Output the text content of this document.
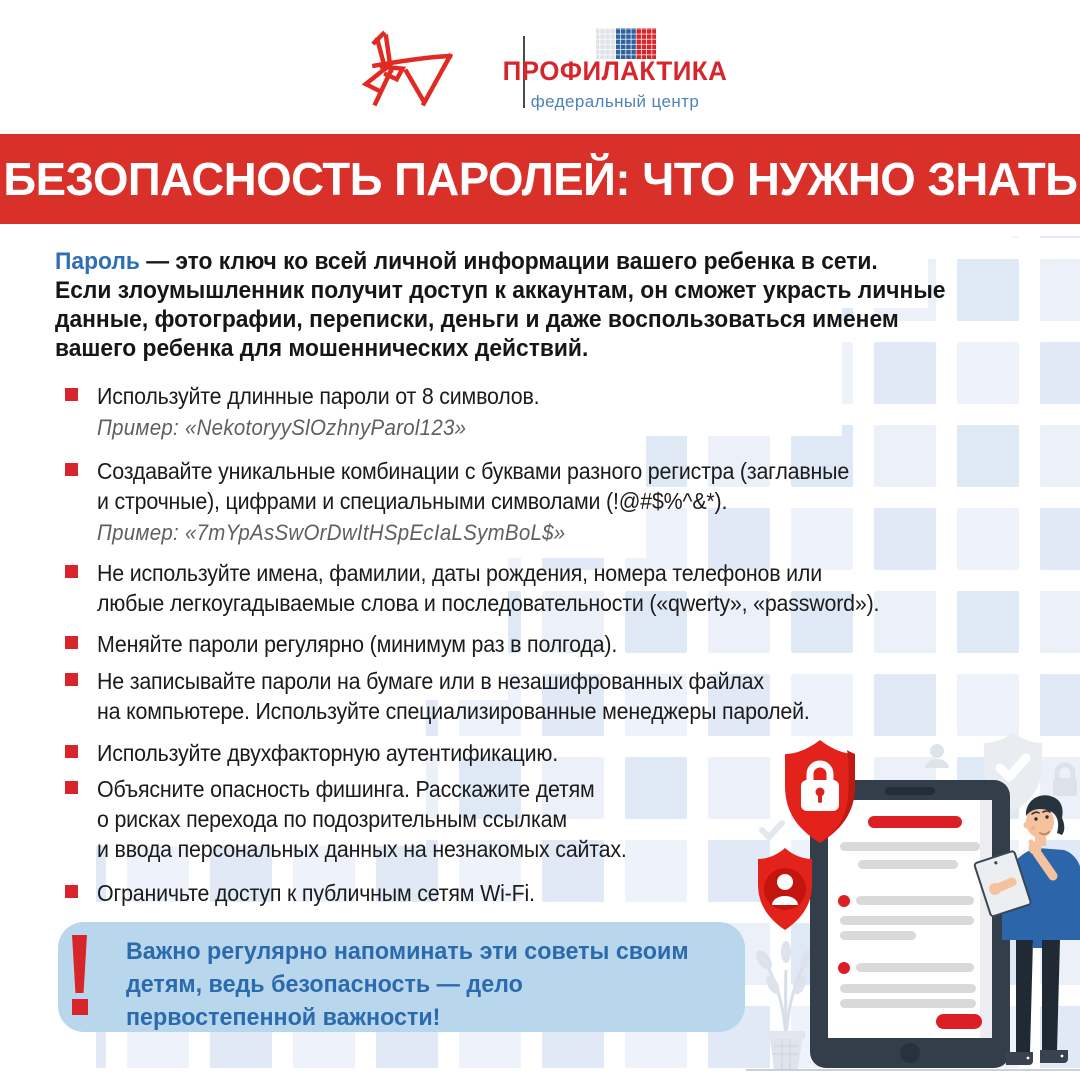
ПРОФИЛАКТИКА
федеральный центр
БЕЗОПАСНОСТЬ ПАРОЛЕЙ: ЧТО НУЖНО ЗНАТЬ
Пароль — это ключ ко всей личной информации вашего ребенка в сети.
Если злоумышленник получит доступ к аккаунтам, он сможет украсть личные
данные, фотографии, переписки, деньги и даже воспользоваться именем
вашего ребенка для мошеннических действий.
Используйте длинные пароли от 8 символов.
Пример: «NekotoryySlOzhnyParol123»
Создавайте уникальные комбинации с буквами разного регистра (заглавные
и строчные), цифрами и специальными символами (!@#$%^&*).
Пример: «7mYpAsSwOrDwItHSpEcIaLSymBoL$»
Не используйте имена, фамилии, даты рождения, номера телефонов или
любые легкоугадываемые слова и последовательности («qwerty», «password»).
Меняйте пароли регулярно (минимум раз в полгода).
Не записывайте пароли на бумаге или в незашифрованных файлах
на компьютере. Используйте специализированные менеджеры паролей.
Используйте двухфакторную аутентификацию.
Объясните опасность фишинга. Расскажите детям
о рисках перехода по подозрительным ссылкам
и ввода персональных данных на незнакомых сайтах.
Ограничьте доступ к публичным сетям Wi-Fi.
Важно регулярно напоминать эти советы своим
детям, ведь безопасность — дело
первостепенной важности!
